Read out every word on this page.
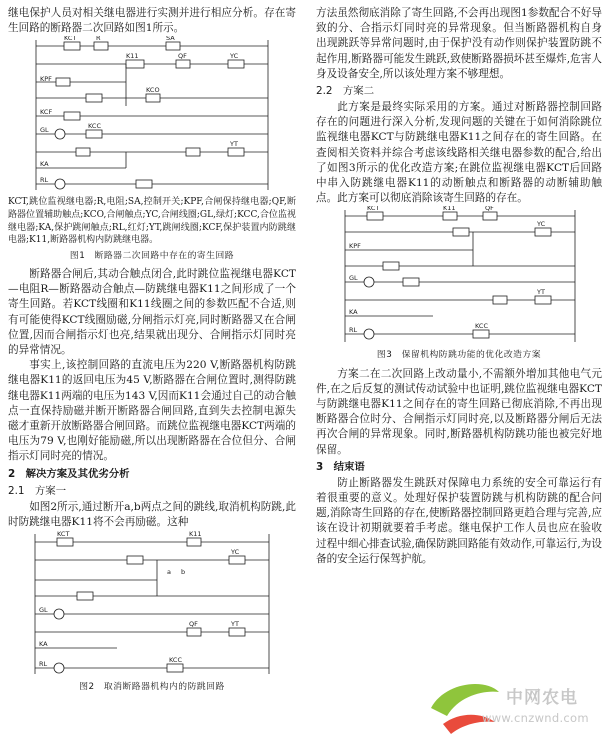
继电保护人员对相关继电器进行实测并进行相应分析。存在寄生回路的断路器二次回路如图1所示。

KCT	R	SA
K11	QF	YC
KPF
KCO
KCF
GL	KCC
KA
YT
RL

KCT,跳位监视继电器;R,电阻;SA,控制开关;KPF,合闸保持继电器;QF,断路器位置辅助触点;KCO,合闸触点;YC,合闸线圈;GL,绿灯;KCC,合位监视继电器;KA,保护跳闸触点;RL,红灯;YT,跳闸线圈;KCF,保护装置内防跳继电器;K11,断路器机构内防跳继电器。

图1　断路器二次回路中存在的寄生回路

断路器合闸后,其动合触点闭合,此时跳位监视继电器KCT—电阻R—断路器动合触点—防跳继电器K11之间形成了一个寄生回路。若KCT线圈和K11线圈之间的参数匹配不合适,则有可能使得KCT线圈励磁,分闸指示灯亮,同时断路器又在合闸位置,因而合闸指示灯也亮,结果就出现分、合闸指示灯同时亮的异常情况。

事实上,该控制回路的直流电压为220 V,断路器机构防跳继电器K11的返回电压为45 V,断路器在合闸位置时,测得防跳继电器K11两端的电压为143 V,因而K11会通过自己的动合触点一直保持励磁并断开断路器合闸回路,直到失去控制电源失磁才重新开放断路器合闸回路。而跳位监视继电器KCT两端的电压为79 V,也刚好能励磁,所以出现断路器在合位但分、合闸指示灯同时亮的情况。

2　解决方案及其优劣分析
2.1　方案一

如图2所示,通过断开a,b两点之间的跳线,取消机构防跳,此时防跳继电器K11将不会再励磁。这种

KCT	K11
a b
YC
GL
QF	YT
KA
RL	KCC
图2　取消断路器机构内的防跳回路

方法虽然彻底消除了寄生回路,不会再出现图1参数配合不好导致的分、合指示灯同时亮的异常现象。但当断路器机构自身出现跳跃等异常问题时,由于保护没有动作则保护装置防跳不起作用,断路器可能发生跳跃,致使断路器损坏甚至爆炸,危害人身及设备安全,所以该处理方案不够理想。

2.2　方案二

此方案是最终实际采用的方案。通过对断路器控制回路存在的问题进行深入分析,发现问题的关键在于如何消除跳位监视继电器KCT与防跳继电器K11之间存在的寄生回路。在查阅相关资料并综合考虑该线路相关继电器参数的配合,给出了如图3所示的优化改造方案;在跳位监视继电器KCT后回路中串入防跳继电器K11的动断触点和断路器的动断辅助触点。此方案可以彻底消除该寄生回路的存在。

KCT	K11	QF
YC
KPF
GL
YT
KA
RL	KCC
图3　保留机构防跳功能的优化改造方案

方案二在二次回路上改动量小,不需额外增加其他电气元件,在之后反复的测试传动试验中也证明,跳位监视继电器KCT与防跳继电器K11之间存在的寄生回路已彻底消除,不再出现断路器合位时分、合闸指示灯同时亮,以及断路器分闸后无法再次合闸的异常现象。同时,断路器机构防跳功能也被完好地保留。

3　结束语

防止断路器发生跳跃对保障电力系统的安全可靠运行有着很重要的意义。处理好保护装置防跳与机构防跳的配合问题,消除寄生回路的存在,使断路器控制回路更趋合理与完善,应该在设计初期就要着手考虑。继电保护工作人员也应在验收过程中细心排查试验,确保防跳回路能有效动作,可靠运行,为设备的安全运行保驾护航。

中网农电
www.cnzwnd.com
